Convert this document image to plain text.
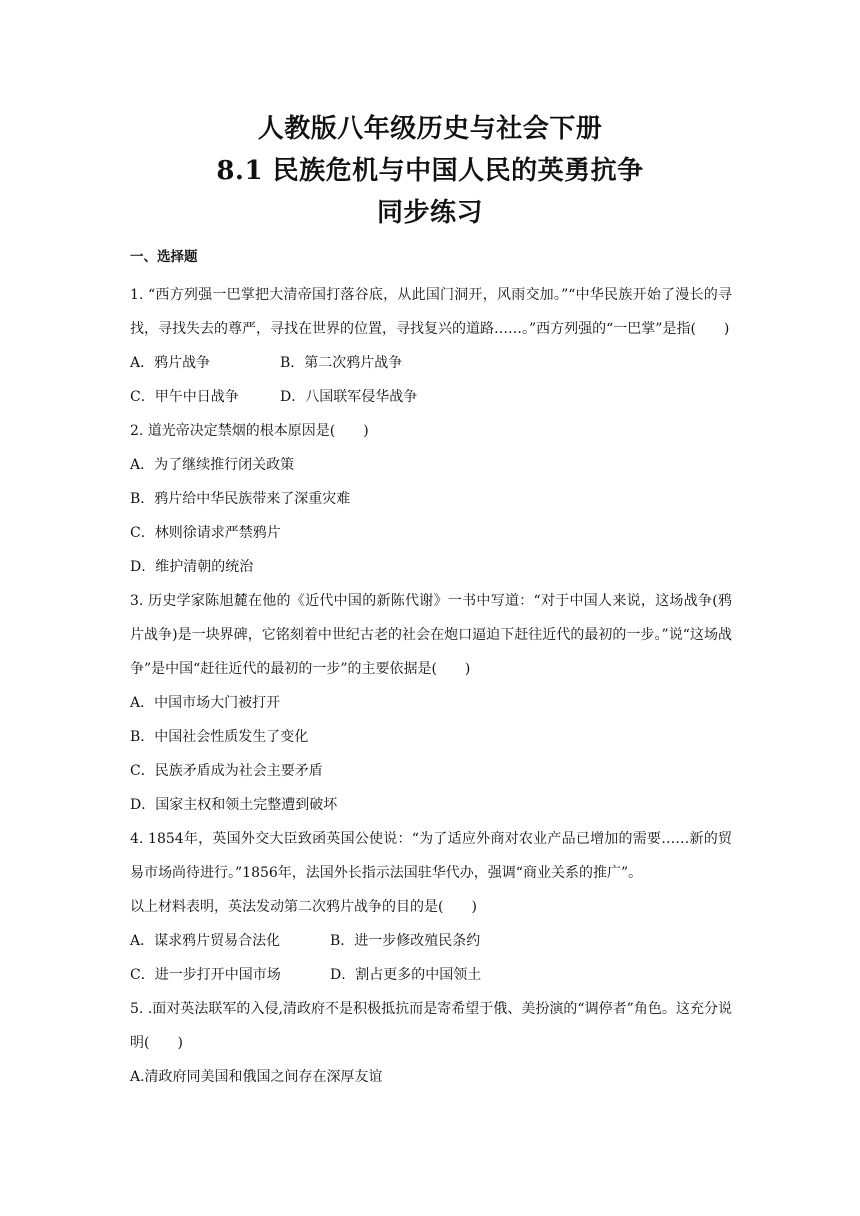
人教版八年级历史与社会下册
8.1 民族危机与中国人民的英勇抗争
同步练习
一、选择题
1. “西方列强一巴掌把大清帝国打落谷底，从此国门洞开，风雨交加。”“中华民族开始了漫长的寻找，寻找失去的尊严，寻找在世界的位置，寻找复兴的道路……。”西方列强的“一巴掌”是指(　　)
A．鸦片战争	B．第二次鸦片战争
C．甲午中日战争	D．八国联军侵华战争
2. 道光帝决定禁烟的根本原因是(　　)
A．为了继续推行闭关政策
B．鸦片给中华民族带来了深重灾难
C．林则徐请求严禁鸦片
D．维护清朝的统治
3. 历史学家陈旭麓在他的《近代中国的新陈代谢》一书中写道：“对于中国人来说，这场战争(鸦片战争)是一块界碑，它铭刻着中世纪古老的社会在炮口逼迫下赶往近代的最初的一步。”说“这场战争”是中国“赶往近代的最初的一步”的主要依据是(　　)
A．中国市场大门被打开
B．中国社会性质发生了变化
C．民族矛盾成为社会主要矛盾
D．国家主权和领土完整遭到破坏
4. 1854年，英国外交大臣致函英国公使说：“为了适应外商对农业产品已增加的需要……新的贸易市场尚待进行。”1856年，法国外长指示法国驻华代办，强调“商业关系的推广”。
以上材料表明，英法发动第二次鸦片战争的目的是(　　)
A．谋求鸦片贸易合法化	B．进一步修改殖民条约
C．进一步打开中国市场	D．割占更多的中国领土
5. .面对英法联军的入侵,清政府不是积极抵抗而是寄希望于俄、美扮演的“调停者”角色。这充分说明(　　)
A.清政府同美国和俄国之间存在深厚友谊
